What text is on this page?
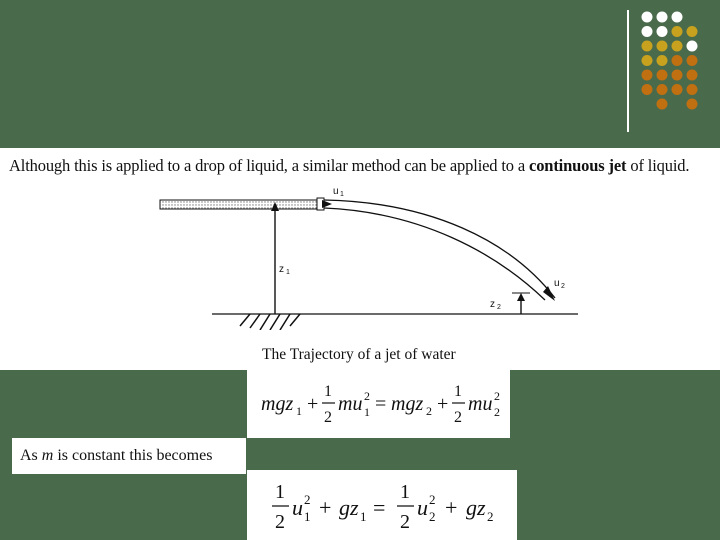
Although this is applied to a drop of liquid, a similar method can be applied to a continuous jet of liquid.
u 1
u 2
z 1
z 2
The Trajectory of a jet of water
mgz 1 +
1
2
mu 2
1 = mgz 2 +
1
2
mu 2
2
As m is constant this becomes
1
2
u 2
1 + gz 1 =
1
2
u 2
2 + gz 2
